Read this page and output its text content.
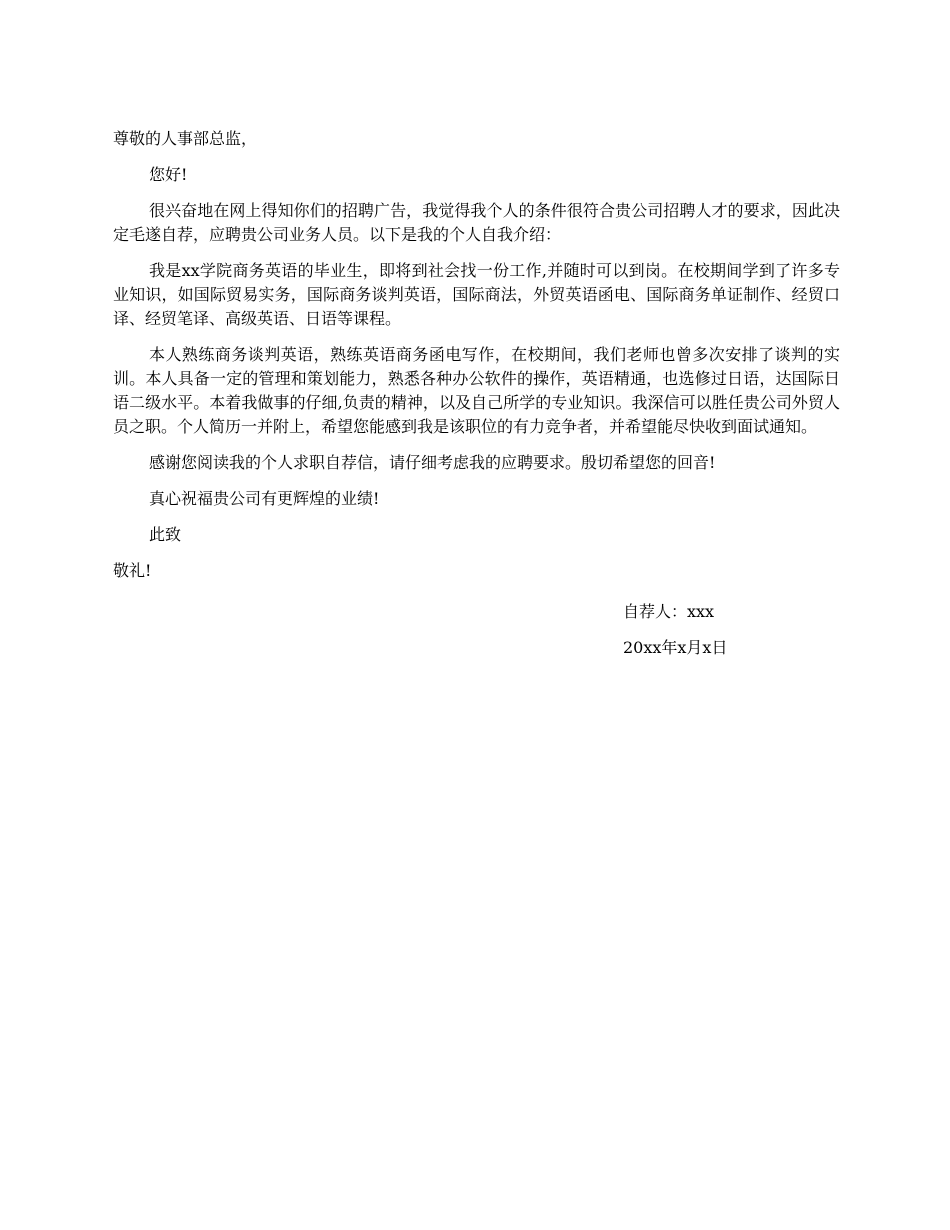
尊敬的人事部总监，

您好!

很兴奋地在网上得知你们的招聘广告，我觉得我个人的条件很符合贵公司招聘人才的要求，因此决定毛遂自荐，应聘贵公司业务人员。以下是我的个人自我介绍：

我是xx学院商务英语的毕业生，即将到社会找一份工作,并随时可以到岗。在校期间学到了许多专业知识，如国际贸易实务，国际商务谈判英语，国际商法，外贸英语函电、国际商务单证制作、经贸口译、经贸笔译、高级英语、日语等课程。

本人熟练商务谈判英语，熟练英语商务函电写作，在校期间，我们老师也曾多次安排了谈判的实训。本人具备一定的管理和策划能力，熟悉各种办公软件的操作，英语精通，也选修过日语，达国际日语二级水平。本着我做事的仔细,负责的精神，以及自己所学的专业知识。我深信可以胜任贵公司外贸人员之职。个人简历一并附上，希望您能感到我是该职位的有力竞争者，并希望能尽快收到面试通知。

感谢您阅读我的个人求职自荐信，请仔细考虑我的应聘要求。殷切希望您的回音!

真心祝福贵公司有更辉煌的业绩!

此致

敬礼!

自荐人：xxx

20xx年x月x日
